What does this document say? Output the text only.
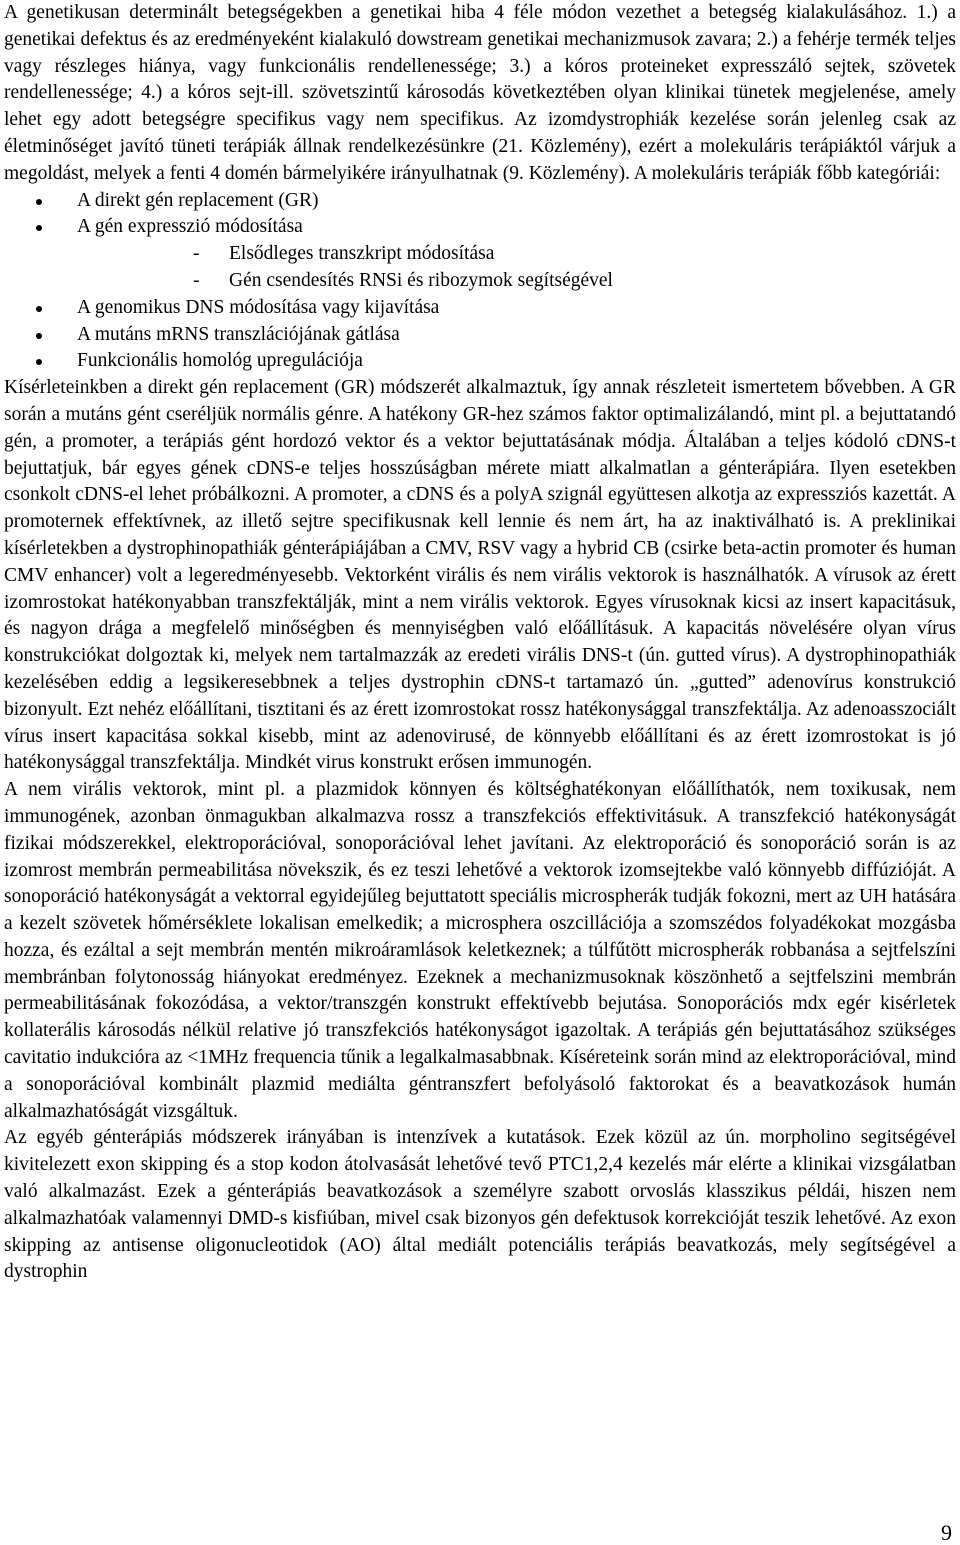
A genetikusan determinált betegségekben a genetikai hiba 4 féle módon vezethet a betegség kialakulásához. 1.) a genetikai defektus és az eredményeként kialakuló dowstream genetikai mechanizmusok zavara; 2.) a fehérje termék teljes vagy részleges hiánya, vagy funkcionális rendellenessége; 3.) a kóros proteineket expresszáló sejtek, szövetek rendellenessége; 4.) a kóros sejt-ill. szövetszintű károsodás következtében olyan klinikai tünetek megjelenése, amely lehet egy adott betegségre specifikus vagy nem specifikus. Az izomdystrophiák kezelése során jelenleg csak az életminőséget javító tüneti terápiák állnak rendelkezésünkre (21. Közlemény), ezért a molekuláris terápiáktól várjuk a megoldást, melyek a fenti 4 domén bármelyikére irányulhatnak (9. Közlemény). A molekuláris terápiák főbb kategóriái:

A direkt gén replacement (GR)
A gén expresszió módosítása
- Elsődleges transzkript módosítása
- Gén csendesítés RNSi és ribozymok segítségével
A genomikus DNS módosítása vagy kijavítása
A mutáns mRNS transzlációjának gátlása
Funkcionális homológ upregulációja

Kísérleteinkben a direkt gén replacement (GR) módszerét alkalmaztuk, így annak részleteit ismertetem bővebben. A GR során a mutáns gént cseréljük normális génre. A hatékony GR-hez számos faktor optimalizálandó, mint pl. a bejuttatandó gén, a promoter, a terápiás gént hordozó vektor és a vektor bejuttatásának módja. Általában a teljes kódoló cDNS-t bejuttatjuk, bár egyes gének cDNS-e teljes hosszúságban mérete miatt alkalmatlan a génterápiára. Ilyen esetekben csonkolt cDNS-el lehet próbálkozni. A promoter, a cDNS és a polyA szignál együttesen alkotja az expressziós kazettát. A promoternek effektívnek, az illető sejtre specifikusnak kell lennie és nem árt, ha az inaktiválható is. A preklinikai kísérletekben a dystrophinopathiák génterápiájában a CMV, RSV vagy a hybrid CB (csirke beta-actin promoter és human CMV enhancer) volt a legeredményesebb. Vektorként virális és nem virális vektorok is használhatók. A vírusok az érett izomrostokat hatékonyabban transzfektálják, mint a nem virális vektorok. Egyes vírusoknak kicsi az insert kapacitásuk, és nagyon drága a megfelelő minőségben és mennyiségben való előállításuk. A kapacitás növelésére olyan vírus konstrukciókat dolgoztak ki, melyek nem tartalmazzák az eredeti virális DNS-t (ún. gutted vírus). A dystrophinopathiák kezelésében eddig a legsikeresebbnek a teljes dystrophin cDNS-t tartamazó ún. „gutted” adenovírus konstrukció bizonyult. Ezt nehéz előállítani, tisztitani és az érett izomrostokat rossz hatékonysággal transzfektálja. Az adenoasszociált vírus insert kapacitása sokkal kisebb, mint az adenovirusé, de könnyebb előállítani és az érett izomrostokat is jó hatékonysággal transzfektálja. Mindkét virus konstrukt erősen immunogén.

A nem virális vektorok, mint pl. a plazmidok könnyen és költséghatékonyan előállíthatók, nem toxikusak, nem immunogének, azonban önmagukban alkalmazva rossz a transzfekciós effektivitásuk. A transzfekció hatékonyságát fizikai módszerekkel, elektroporációval, sonoporációval lehet javítani. Az elektroporáció és sonoporáció során is az izomrost membrán permeabilitása növekszik, és ez teszi lehetővé a vektorok izomsejtekbe való könnyebb diffúzióját. A sonoporáció hatékonyságát a vektorral egyidejűleg bejuttatott speciális microspherák tudják fokozni, mert az UH hatására a kezelt szövetek hőmérséklete lokalisan emelkedik; a microsphera oszcillációja a szomszédos folyadékokat mozgásba hozza, és ezáltal a sejt membrán mentén mikroáramlások keletkeznek; a túlfűtött microspherák robbanása a sejtfelszíni membránban folytonosság hiányokat eredményez. Ezeknek a mechanizmusoknak köszönhető a sejtfelszini membrán permeabilitásának fokozódása, a vektor/transzgén konstrukt effektívebb bejutása. Sonoporációs mdx egér kisérletek kollaterális károsodás nélkül relative jó transzfekciós hatékonyságot igazoltak. A terápiás gén bejuttatásához szükséges cavitatio indukcióra az <1MHz frequencia tűnik a legalkalmasabbnak. Kíséreteink során mind az elektroporációval, mind a sonoporációval kombinált plazmid mediálta géntranszfert befolyásoló faktorokat és a beavatkozások humán alkalmazhatóságát vizsgáltuk.

Az egyéb génterápiás módszerek irányában is intenzívek a kutatások. Ezek közül az ún. morpholino segitségével kivitelezett exon skipping és a stop kodon átolvasását lehetővé tevő PTC1,2,4 kezelés már elérte a klinikai vizsgálatban való alkalmazást. Ezek a génterápiás beavatkozások a személyre szabott orvoslás klasszikus példái, hiszen nem alkalmazhatóak valamennyi DMD-s kisfiúban, mivel csak bizonyos gén defektusok korrekcióját teszik lehetővé. Az exon skipping az antisense oligonucleotidok (AO) által mediált potenciális terápiás beavatkozás, mely segítségével a dystrophin

9
